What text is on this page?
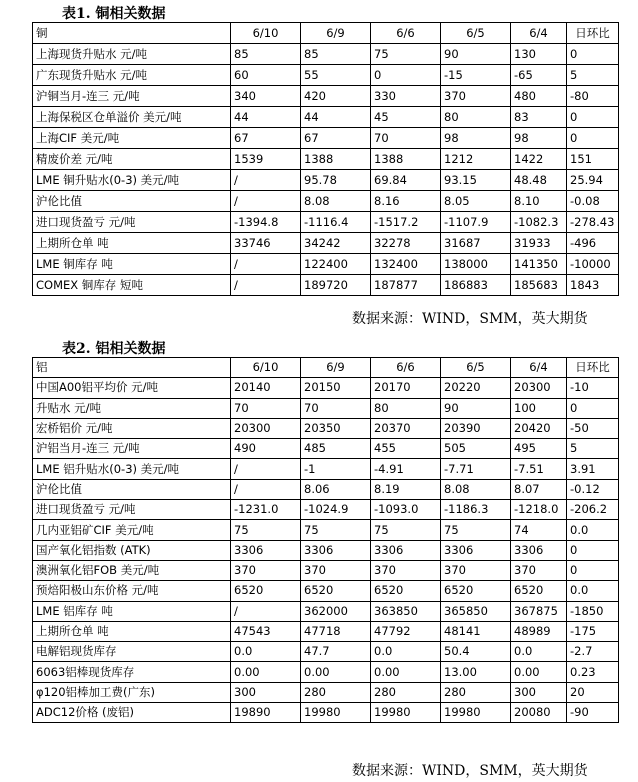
表1. 铜相关数据
铜	6/10	6/9	6/6	6/5	6/4	日环比
上海现货升贴水 元/吨	85	85	75	90	130	0
广东现货升贴水 元/吨	60	55	0	-15	-65	5
沪铜当月-连三 元/吨	340	420	330	370	480	-80
上海保税区仓单溢价 美元/吨	44	44	45	80	83	0
上海CIF 美元/吨	67	67	70	98	98	0
精废价差 元/吨	1539	1388	1388	1212	1422	151
LME 铜升贴水(0-3) 美元/吨	/	95.78	69.84	93.15	48.48	25.94
沪伦比值	/	8.08	8.16	8.05	8.10	-0.08
进口现货盈亏 元/吨	-1394.8	-1116.4	-1517.2	-1107.9	-1082.3	-278.43
上期所仓单 吨	33746	34242	32278	31687	31933	-496
LME 铜库存 吨	/	122400	132400	138000	141350	-10000
COMEX 铜库存 短吨	/	189720	187877	186883	185683	1843
数据来源：WIND，SMM，英大期货
表2. 铝相关数据
铝	6/10	6/9	6/6	6/5	6/4	日环比
中国A00铝平均价 元/吨	20140	20150	20170	20220	20300	-10
升贴水 元/吨	70	70	80	90	100	0
宏桥铝价 元/吨	20300	20350	20370	20390	20420	-50
沪铝当月-连三 元/吨	490	485	455	505	495	5
LME 铝升贴水(0-3) 美元/吨	/	-1	-4.91	-7.71	-7.51	3.91
沪伦比值	/	8.06	8.19	8.08	8.07	-0.12
进口现货盈亏 元/吨	-1231.0	-1024.9	-1093.0	-1186.3	-1218.0	-206.2
几内亚铝矿CIF 美元/吨	75	75	75	75	74	0.0
国产氧化铝指数 (ATK)	3306	3306	3306	3306	3306	0
澳洲氧化铝FOB 美元/吨	370	370	370	370	370	0
预焙阳极山东价格 元/吨	6520	6520	6520	6520	6520	0.0
LME 铝库存 吨	/	362000	363850	365850	367875	-1850
上期所仓单 吨	47543	47718	47792	48141	48989	-175
电解铝现货库存	0.0	47.7	0.0	50.4	0.0	-2.7
6063铝棒现货库存	0.00	0.00	0.00	13.00	0.00	0.23
φ120铝棒加工费(广东)	300	280	280	280	300	20
ADC12价格 (废铝)	19890	19980	19980	19980	20080	-90
数据来源：WIND，SMM，英大期货
